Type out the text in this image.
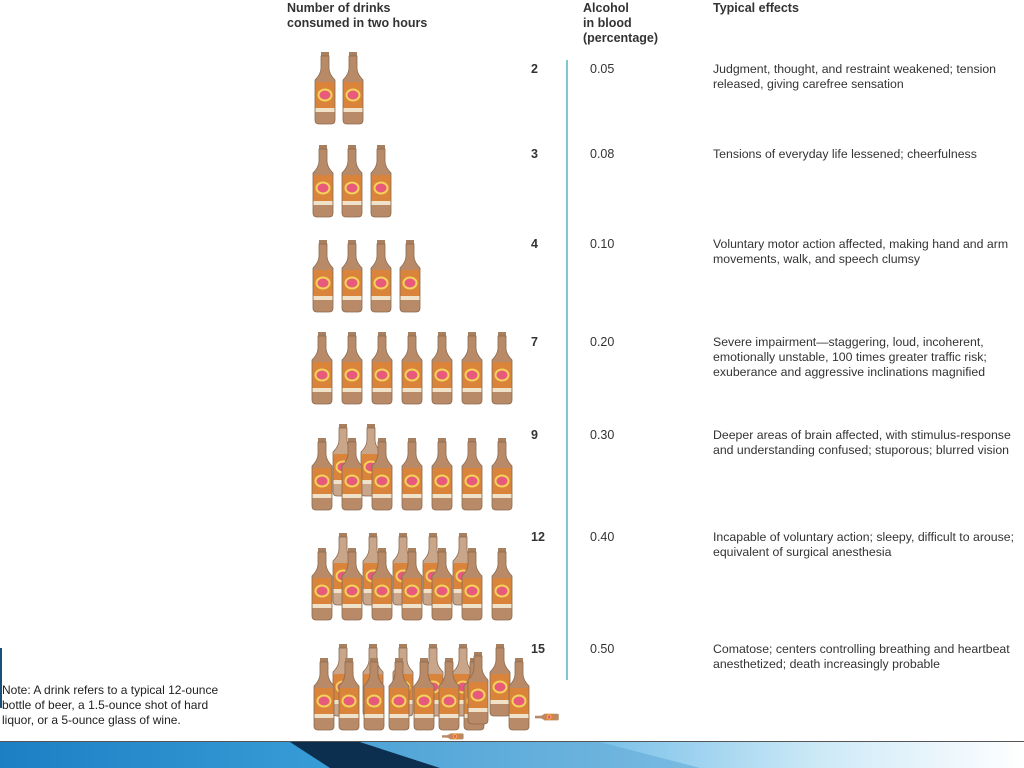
Number of drinks
consumed in two hours
Alcohol
in blood
(percentage)
Typical effects
2	0.05	Judgment, thought, and restraint weakened; tension released, giving carefree sensation
3	0.08	Tensions of everyday life lessened; cheerfulness
4	0.10	Voluntary motor action affected, making hand and arm movements, walk, and speech clumsy
7	0.20	Severe impairment—staggering, loud, incoherent, emotionally unstable, 100 times greater traffic risk; exuberance and aggressive inclinations magnified
9	0.30	Deeper areas of brain affected, with stimulus-response and understanding confused; stuporous; blurred vision
12	0.40	Incapable of voluntary action; sleepy, difficult to arouse; equivalent of surgical anesthesia
15	0.50	Comatose; centers controlling breathing and heartbeat anesthetized; death increasingly probable
Note: A drink refers to a typical 12-ounce bottle of beer, a 1.5-ounce shot of hard liquor, or a 5-ounce glass of wine.
